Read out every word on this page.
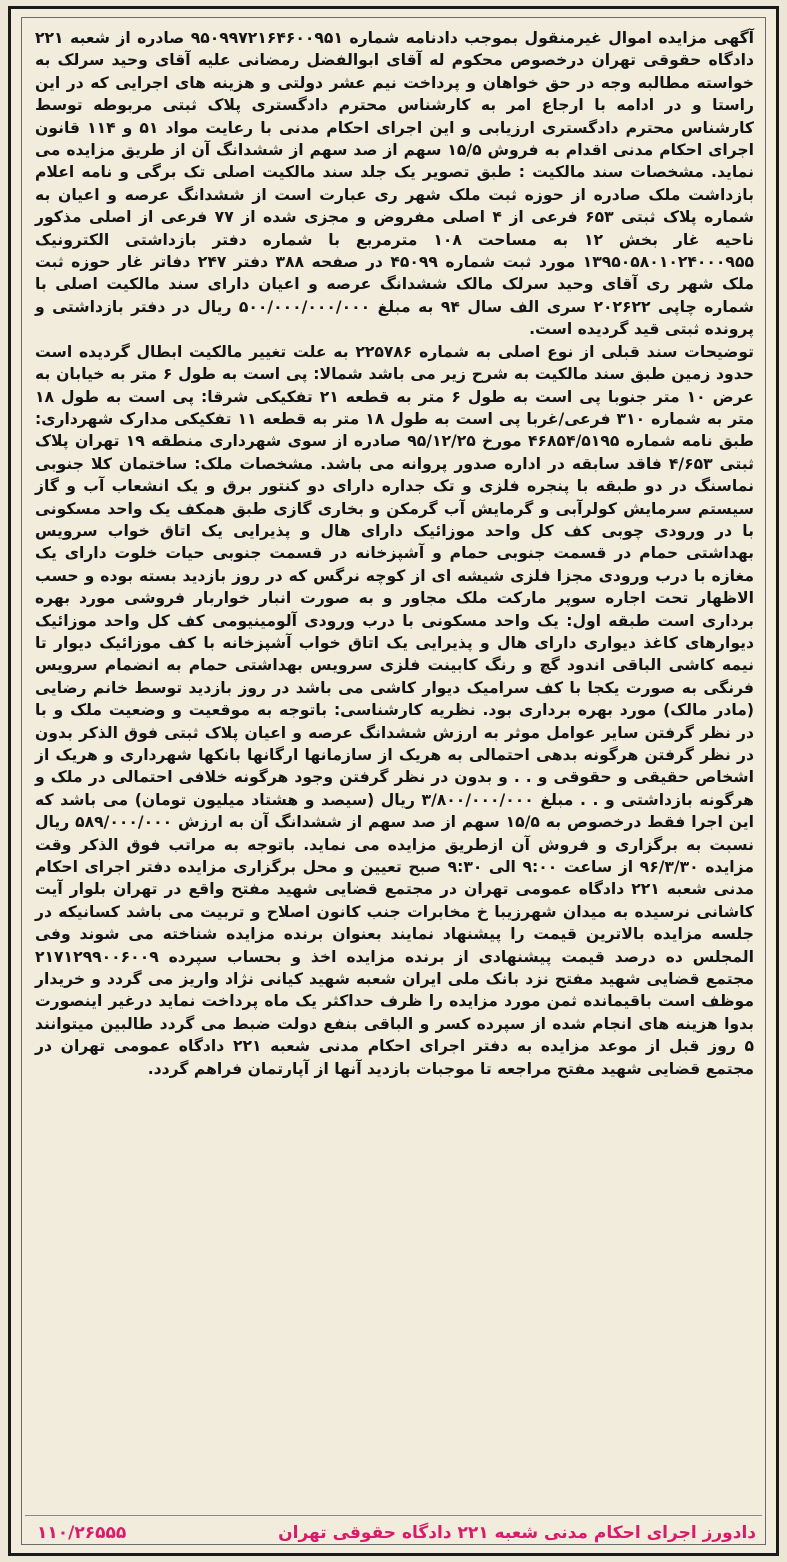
آگهی مزایده اموال غیرمنقول بموجب دادنامه شماره ۹۵۰۹۹۷۲۱۶۴۶۰۰۹۵۱ صادره از شعبه ۲۲۱ دادگاه حقوقی تهران درخصوص محکوم له آقای ابوالفضل رمضانی علیه آقای وحید سرلک به خواسته مطالبه وجه در حق خواهان و پرداخت نیم عشر دولتی و هزینه های اجرایی که در این راستا و در ادامه با ارجاع امر به کارشناس محترم دادگستری پلاک ثبتی مربوطه توسط کارشناس محترم دادگستری ارزیابی و این اجرای احکام مدنی با رعایت مواد ۵۱ و ۱۱۴ قانون اجرای احکام مدنی اقدام به فروش ۱۵/۵ سهم از صد سهم از ششدانگ آن از طریق مزایده می نماید. مشخصات سند مالکیت : طبق تصویر یک جلد سند مالکیت اصلی تک برگی و نامه اعلام بازداشت ملک صادره از حوزه ثبت ملک شهر ری عبارت است از ششدانگ عرصه و اعیان به شماره پلاک ثبتی ۶۵۳ فرعی از ۴ اصلی مفروض و مجزی شده از ۷۷ فرعی از اصلی مذکور ناحیه غار بخش ۱۲ به مساحت ۱۰۸ مترمربع با شماره دفتر بازداشتی الکترونیک ۱۳۹۵۰۵۸۰۱۰۲۴۰۰۰۹۵۵ مورد ثبت شماره ۴۵۰۹۹ در صفحه ۳۸۸ دفتر ۲۴۷ دفاتر غار حوزه ثبت ملک شهر ری آقای وحید سرلک مالک ششدانگ عرصه و اعیان دارای سند مالکیت اصلی با شماره چاپی ۲۰۲۶۲۲ سری الف سال ۹۴ به مبلغ ۵۰۰/۰۰۰/۰۰۰/۰۰۰ ریال در دفتر بازداشتی و پرونده ثبتی قید گردیده است.

توضیحات سند قبلی از نوع اصلی به شماره ۲۲۵۷۸۶ به علت تغییر مالکیت ابطال گردیده است حدود زمین طبق سند مالکیت به شرح زیر می باشد شمالا: پی است به طول ۶ متر به خیابان به عرض ۱۰ متر جنوبا پی است به طول ۶ متر به قطعه ۲۱ تفکیکی شرقا: پی است به طول ۱۸ متر به شماره ۳۱۰ فرعی/غربا پی است به طول ۱۸ متر به قطعه ۱۱ تفکیکی مدارک شهرداری: طبق نامه شماره ۴۶۸۵۴/۵۱۹۵ مورخ ۹۵/۱۲/۲۵ صادره از سوی شهرداری منطقه ۱۹ تهران پلاک ثبتی ۴/۶۵۳ فاقد سابقه در اداره صدور پروانه می باشد. مشخصات ملک: ساختمان کلا جنوبی نماسنگ در دو طبقه با پنجره فلزی و تک جداره دارای دو کنتور برق و یک انشعاب آب و گاز سیستم سرمایش کولرآبی و گرمایش آب گرمکن و بخاری گازی طبق همکف یک واحد مسکونی با در ورودی چوبی کف کل واحد موزائیک دارای هال و پذیرایی یک اتاق خواب سرویس بهداشتی حمام در قسمت جنوبی حمام و آشپزخانه در قسمت جنوبی حیات خلوت دارای یک مغازه با درب ورودی مجزا فلزی شیشه ای از کوچه نرگس که در روز بازدید بسته بوده و حسب الاظهار تحت اجاره سوپر مارکت ملک مجاور و به صورت انبار خواربار فروشی مورد بهره برداری است طبقه اول: یک واحد مسکونی با درب ورودی آلومینیومی کف کل واحد موزائیک دیوارهای کاغذ دیواری دارای هال و پذیرایی یک اتاق خواب آشپزخانه با کف موزائیک دیوار تا نیمه کاشی الباقی اندود گچ و رنگ کابینت فلزی سرویس بهداشتی حمام به انضمام سرویس فرنگی به صورت یکجا با کف سرامیک دیوار کاشی می باشد در روز بازدید توسط خانم رضایی (مادر مالک) مورد بهره برداری بود. نظریه کارشناسی: باتوجه به موقعیت و وضعیت ملک و با در نظر گرفتن سایر عوامل موثر به ارزش ششدانگ عرصه و اعیان پلاک ثبتی فوق الذکر بدون در نظر گرفتن هرگونه بدهی احتمالی به هریک از سازمانها ارگانها بانکها شهرداری و هریک از اشخاص حقیقی و حقوقی و . . و بدون در نظر گرفتن وجود هرگونه خلافی احتمالی در ملک و هرگونه بازداشتی و . . مبلغ ۳/۸۰۰/۰۰۰/۰۰۰ ریال (سیصد و هشتاد میلیون تومان) می باشد که این اجرا فقط درخصوص به ۱۵/۵ سهم از صد سهم از ششدانگ آن به ارزش ۵۸۹/۰۰۰/۰۰۰ ریال نسبت به برگزاری و فروش آن ازطریق مزایده می نماید. باتوجه به مراتب فوق الذکر وقت مزایده ۹۶/۳/۳۰ از ساعت ۹:۰۰ الی ۹:۳۰ صبح تعیین و محل برگزاری مزایده دفتر اجرای احکام مدنی شعبه ۲۲۱ دادگاه عمومی تهران در مجتمع قضایی شهید مفتح واقع در تهران بلوار آیت کاشانی نرسیده به میدان شهرزیبا خ مخابرات جنب کانون اصلاح و تربیت می باشد کسانیکه در جلسه مزایده بالاترین قیمت را پیشنهاد نمایند بعنوان برنده مزایده شناخته می شوند وفی المجلس ده درصد قیمت پیشنهادی از برنده مزایده اخذ و بحساب سپرده ۲۱۷۱۲۹۹۰۰۶۰۰۹ مجتمع قضایی شهید مفتح نزد بانک ملی ایران شعبه شهید کیانی نژاد واریز می گردد و خریدار موظف است باقیمانده ثمن مورد مزایده را ظرف حداکثر یک ماه پرداخت نماید درغیر اینصورت بدوا هزینه های انجام شده از سپرده کسر و الباقی بنفع دولت ضبط می گردد طالبین میتوانند ۵ روز قبل از موعد مزایده به دفتر اجرای احکام مدنی شعبه ۲۲۱ دادگاه عمومی تهران در مجتمع قضایی شهید مفتح مراجعه تا موجبات بازدید آنها از آپارتمان فراهم گردد.

دادورز اجرای احکام مدنی شعبه ۲۲۱ دادگاه حقوقی تهران
۱۱۰/۲۶۵۵۵
